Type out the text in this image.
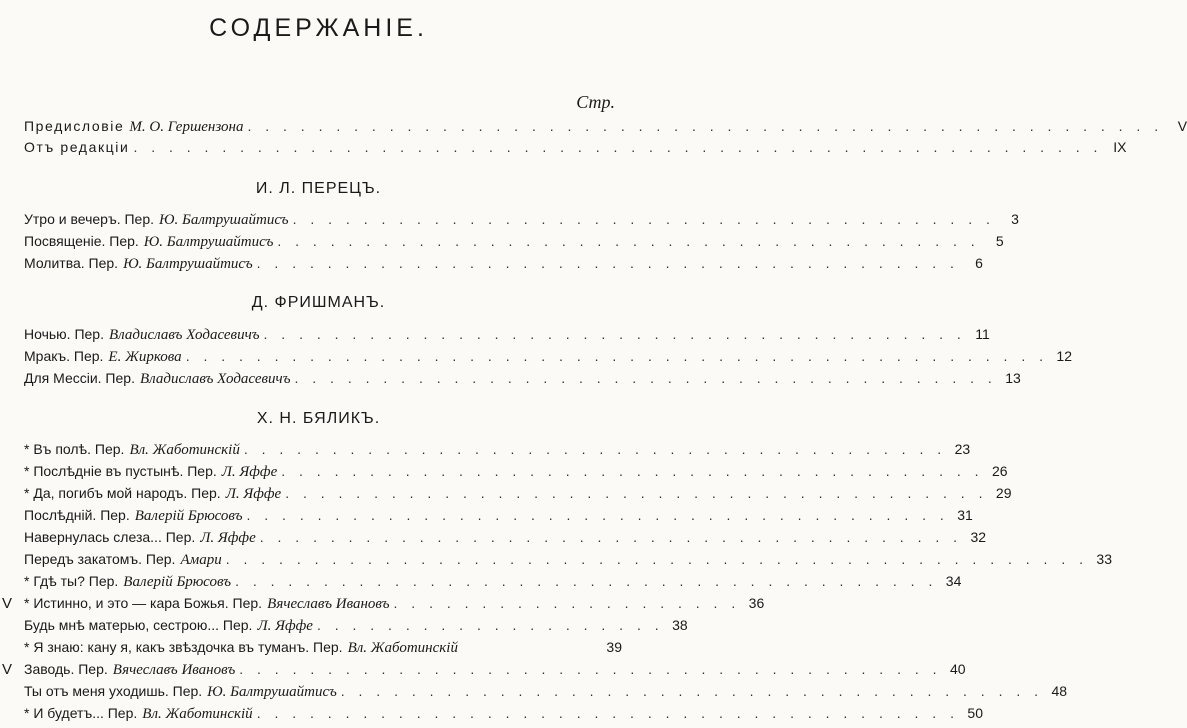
СОДЕРЖАНІЕ.
Стр.
Предисловіе М. О. Гершензона . . . . . . . . . . . . . . . . . . . . . . . . . . . . . . . . . . . . . . . . . . . . . . . . . . . .	V
Отъ редакціи . . . . . . . . . . . . . . . . . . . . . . . . . . . . . . . . . . . . . . . . . . . . . . . . . . . . . . . IX
И. Л. ПЕРЕЦЪ.
Утро и вечеръ. Пер. Ю. Балтрушайтисъ . . . . . . . . . . . . . . . . . . . . . . . . . . . . . . . . . . . . . . . .	3
Посвященіе. Пер. Ю. Балтрушайтисъ . . . . . . . . . . . . . . . . . . . . . . . . . . . . . . . . . . . . . . . .	5
Молитва. Пер. Ю. Балтрушайтисъ . . . . . . . . . . . . . . . . . . . . . . . . . . . . . . . . . . . . . . . .	6
Д. ФРИШМАНЪ.
Ночью. Пер. Владиславъ Ходасевичъ . . . . . . . . . . . . . . . . . . . . . . . . . . . . . . . . . . . . . . . . 11
Мракъ. Пер. Е. Жиркова . . . . . . . . . . . . . . . . . . . . . . . . . . . . . . . . . . . . . . . . . . . . . . . . . 12
Для Мессіи. Пер. Владиславъ Ходасевичъ . . . . . . . . . . . . . . . . . . . . . . . . . . . . . . . . . . . . . . . . 13
Х. Н. БЯЛИКЪ.
* Въ полѣ. Пер. Вл. Жаботинскій . . . . . . . . . . . . . . . . . . . . . . . . . . . . . . . . . . . . . . . . 23
* Послѣдніе въ пустынѣ. Пер. Л. Яффе . . . . . . . . . . . . . . . . . . . . . . . . . . . . . . . . . . . . . . . . 26
* Да, погибъ мой народъ. Пер. Л. Яффе . . . . . . . . . . . . . . . . . . . . . . . . . . . . . . . . . . . . . . . . 29
Послѣдній. Пер. Валерій Брюсовъ . . . . . . . . . . . . . . . . . . . . . . . . . . . . . . . . . . . . . . . . 31
Навернулась слеза... Пер. Л. Яффе . . . . . . . . . . . . . . . . . . . . . . . . . . . . . . . . . . . . . . . . 32
Передъ закатомъ. Пер. Амари . . . . . . . . . . . . . . . . . . . . . . . . . . . . . . . . . . . . . . . . . . . . . . . . . 33
* Гдѣ ты? Пер. Валерій Брюсовъ . . . . . . . . . . . . . . . . . . . . . . . . . . . . . . . . . . . . . . . . 34
V * Истинно, и это — кара Божья. Пер. Вячеславъ Ивановъ . . . . . . . . . . . . . . . . . . . . 36
Будь мнѣ матерью, сестрою... Пер. Л. Яффе . . . . . . . . . . . . . . . . . . . . 38
* Я знаю: кану я, какъ звѣздочка въ туманъ. Пер. Вл. Жаботинскій	39
V Заводь. Пер. Вячеславъ Ивановъ . . . . . . . . . . . . . . . . . . . . . . . . . . . . . . . . . . . . . . . . 40
Ты отъ меня уходишь. Пер. Ю. Балтрушайтисъ . . . . . . . . . . . . . . . . . . . . . . . . . . . . . . . . . . . . . . . . 48
* И будетъ... Пер. Вл. Жаботинскій . . . . . . . . . . . . . . . . . . . . . . . . . . . . . . . . . . . . . . . . 50
